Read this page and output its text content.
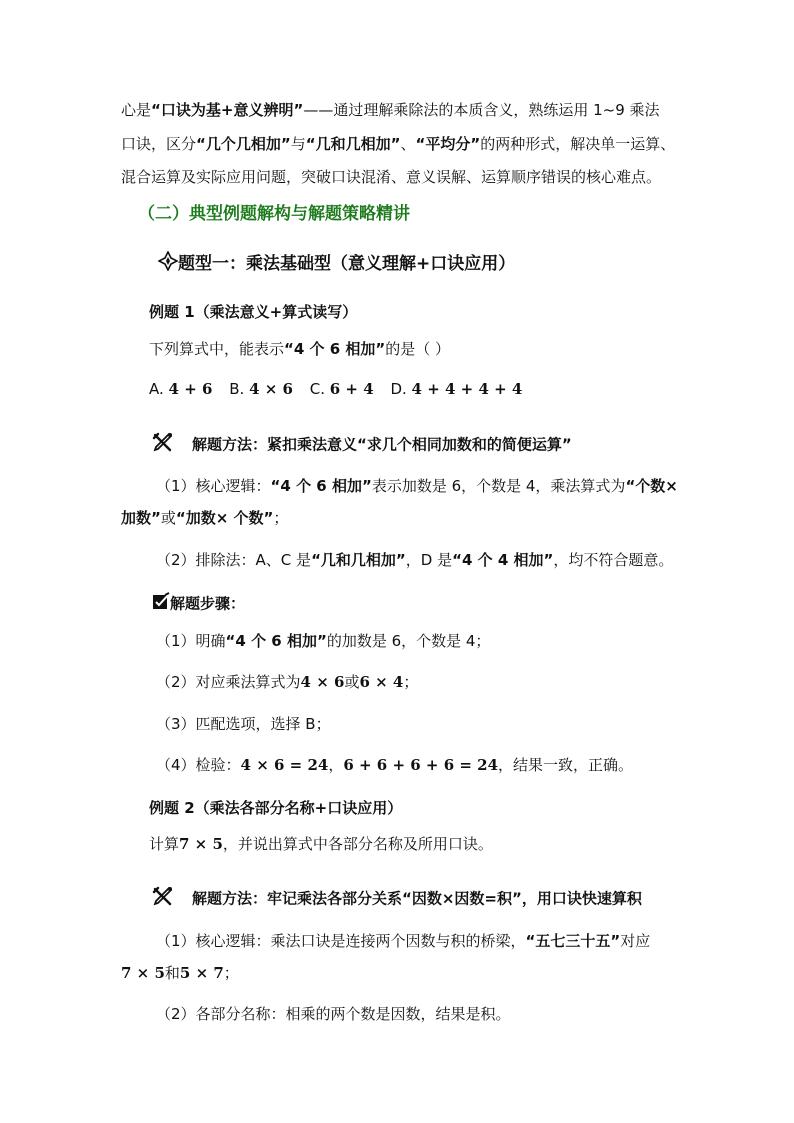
心是“口诀为基+意义辨明”——通过理解乘除法的本质含义，熟练运用 1~9 乘法
口诀，区分“几个几相加”与“几和几相加”、“平均分”的两种形式，解决单一运算、
混合运算及实际应用问题，突破口诀混淆、意义误解、运算顺序错误的核心难点。
（二）典型例题解构与解题策略精讲
题型一：乘法基础型（意义理解+口诀应用）
例题 1（乘法意义+算式读写）
下列算式中，能表示“4 个 6 相加”的是（ ）
A. 4 + 6 B. 4 × 6 C. 6 + 4 D. 4 + 4 + 4 + 4
解题方法：紧扣乘法意义“求几个相同加数和的简便运算”
（1）核心逻辑：“4 个 6 相加”表示加数是 6，个数是 4，乘法算式为“个数×
加数”或“加数× 个数”；
（2）排除法：A、C 是“几和几相加”，D 是“4 个 4 相加”，均不符合题意。
解题步骤：
（1）明确“4 个 6 相加”的加数是 6，个数是 4；
（2）对应乘法算式为4 × 6或6 × 4；
（3）匹配选项，选择 B；
（4）检验：4 × 6 = 24，6 + 6 + 6 + 6 = 24，结果一致，正确。
例题 2（乘法各部分名称+口诀应用）
计算7 × 5，并说出算式中各部分名称及所用口诀。
解题方法：牢记乘法各部分关系“因数×因数=积”，用口诀快速算积
（1）核心逻辑：乘法口诀是连接两个因数与积的桥梁，“五七三十五”对应
7 × 5和5 × 7；
（2）各部分名称：相乘的两个数是因数，结果是积。
